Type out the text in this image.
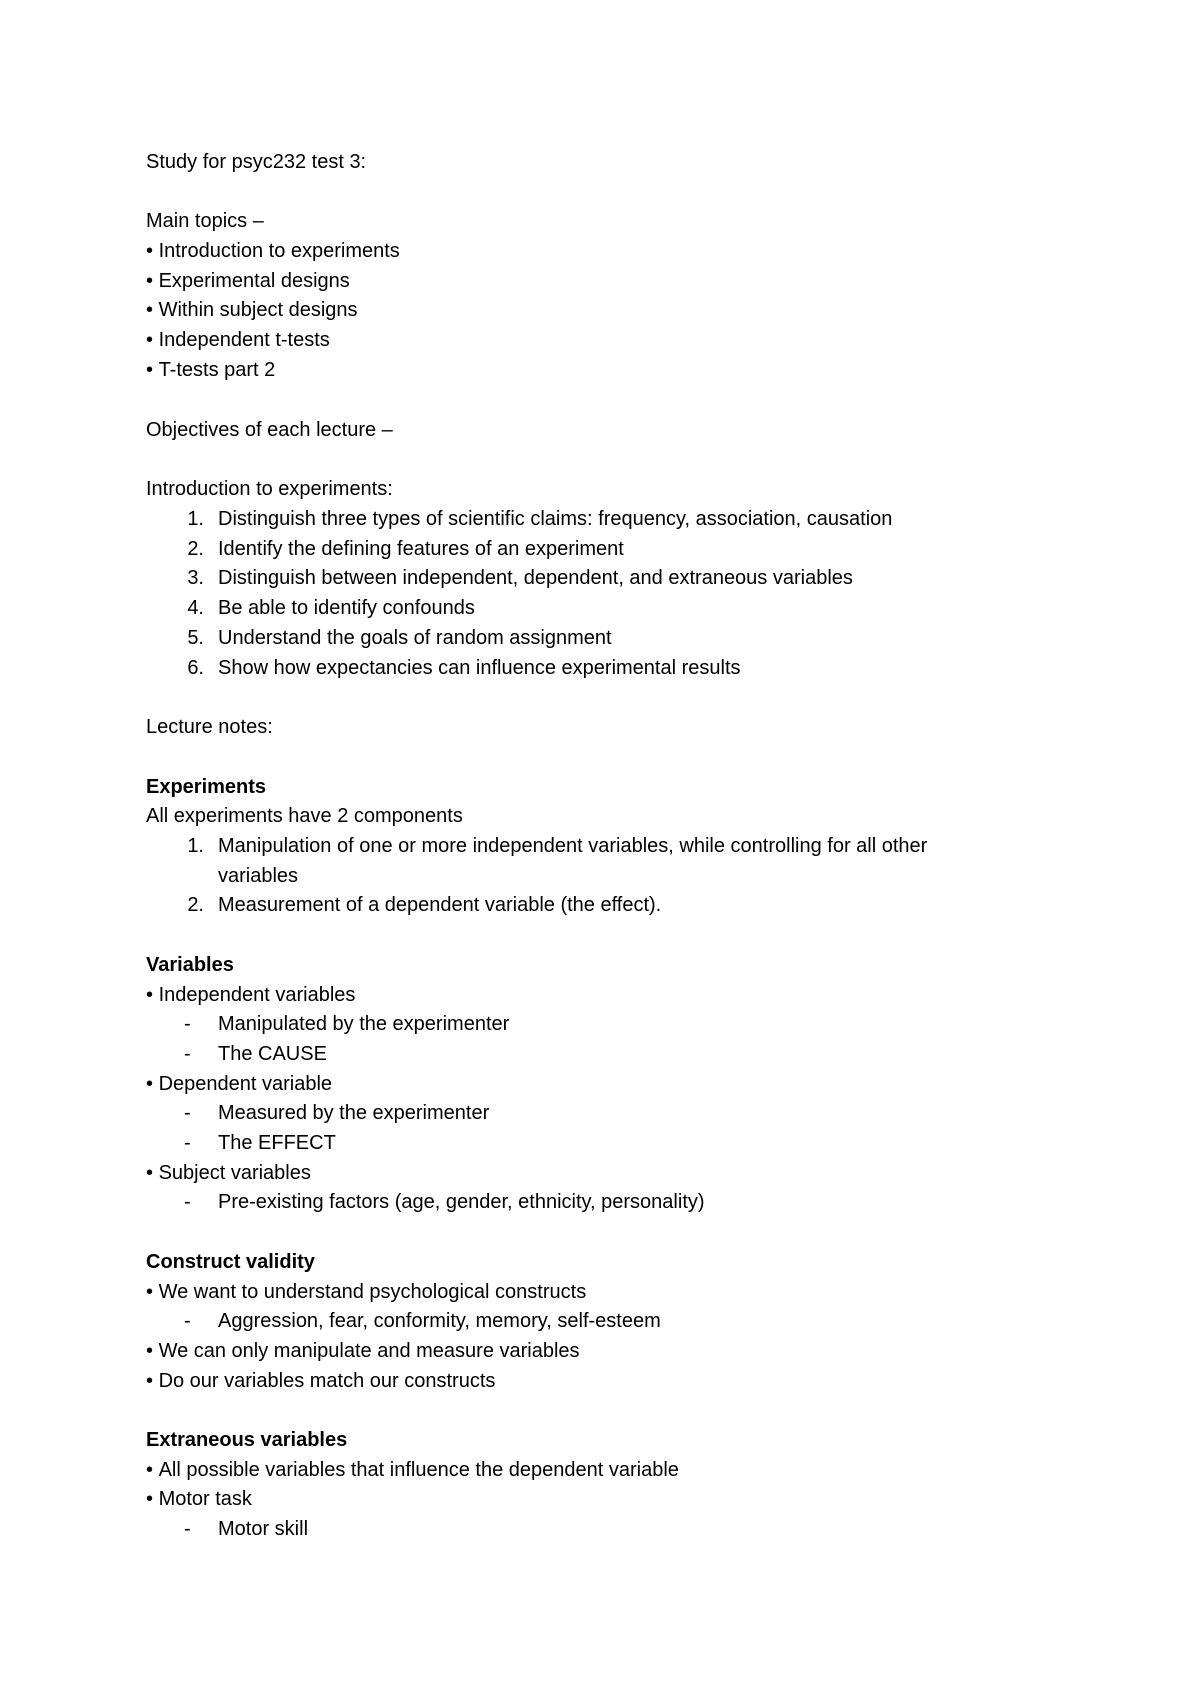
Study for psyc232 test 3:
Main topics –
• Introduction to experiments
• Experimental designs
• Within subject designs
• Independent t-tests
• T-tests part 2
Objectives of each lecture –
Introduction to experiments:
1. Distinguish three types of scientific claims: frequency, association, causation
2. Identify the defining features of an experiment
3. Distinguish between independent, dependent, and extraneous variables
4. Be able to identify confounds
5. Understand the goals of random assignment
6. Show how expectancies can influence experimental results
Lecture notes:
Experiments
All experiments have 2 components
1. Manipulation of one or more independent variables, while controlling for all other
variables
2. Measurement of a dependent variable (the effect).
Variables
• Independent variables
- Manipulated by the experimenter
- The CAUSE
• Dependent variable
- Measured by the experimenter
- The EFFECT
• Subject variables
- Pre-existing factors (age, gender, ethnicity, personality)
Construct validity
• We want to understand psychological constructs
- Aggression, fear, conformity, memory, self-esteem
• We can only manipulate and measure variables
• Do our variables match our constructs
Extraneous variables
• All possible variables that influence the dependent variable
• Motor task
- Motor skill
